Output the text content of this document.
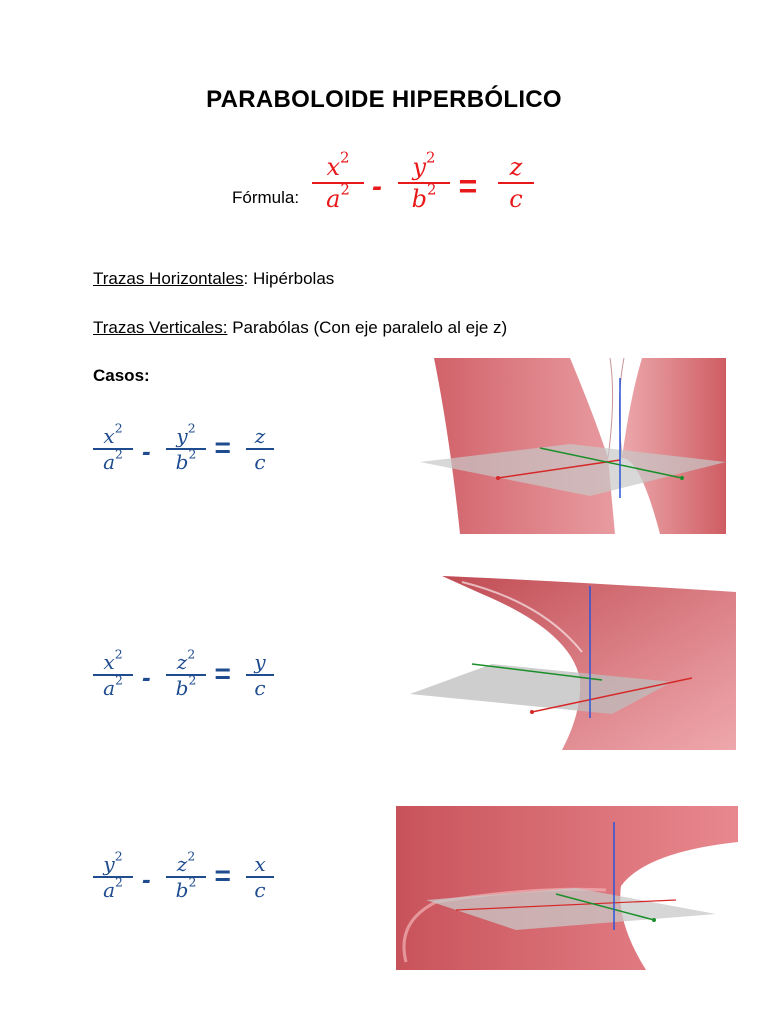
PARABOLOIDE HIPERBÓLICO
Fórmula:
$x^2$
$a^2$ -
$y^2$
$b^2$ =
z
c
Trazas Horizontales: Hipérbolas
Trazas Verticales: Parabólas (Con eje paralelo al eje z)
Casos:
$x^2$
$a^2$ -	$y^2$
$b^2$ =	z
c
$x^2$
$a^2$ -	$z^2$
$b^2$ =	y
c
$y^2$
$a^2$ -	$z^2$
$b^2$ =	x
c
